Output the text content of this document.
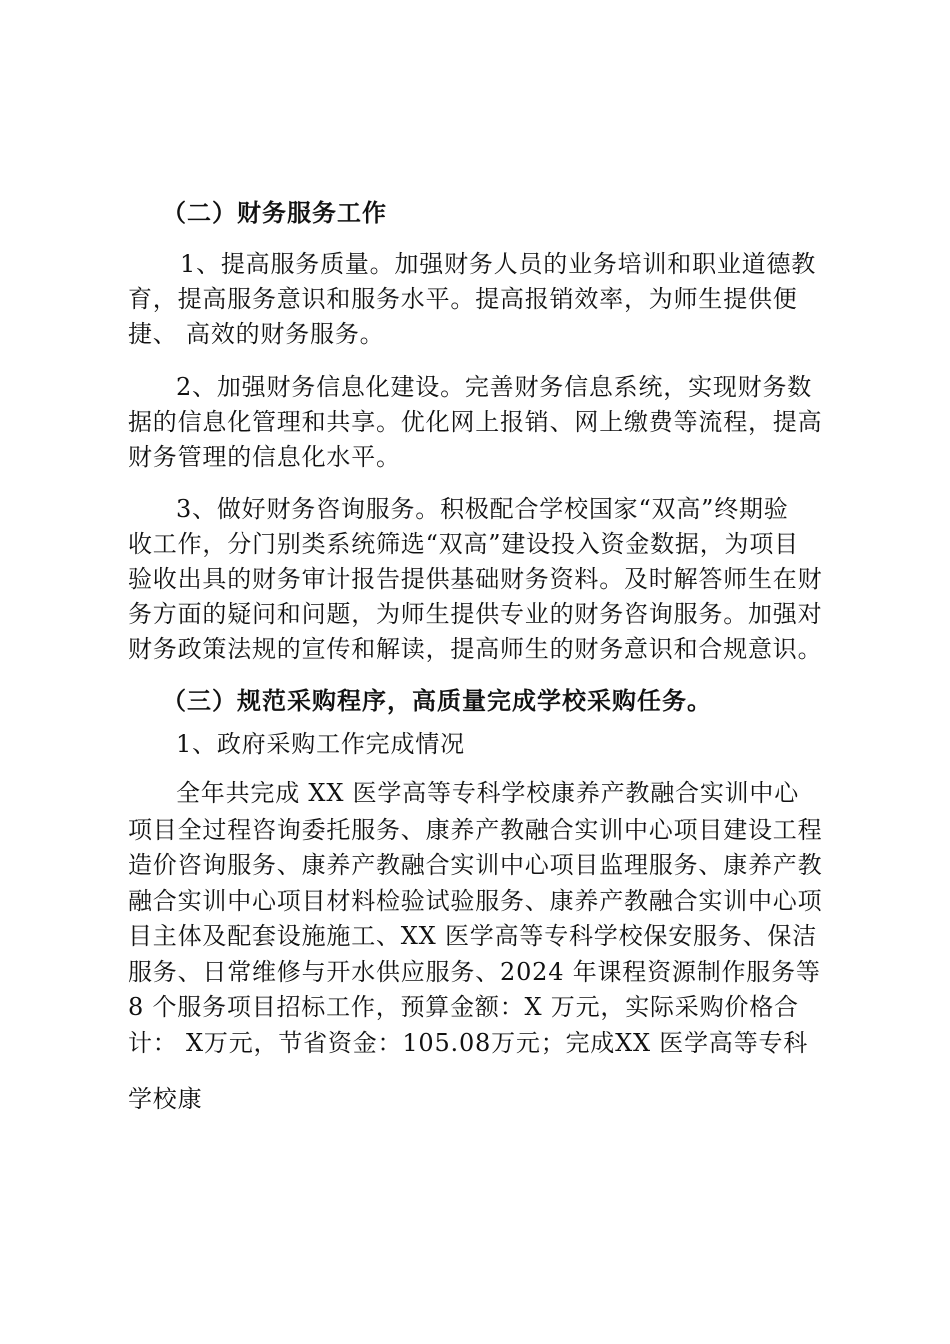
（二）财务服务工作
1、提高服务质量。加强财务人员的业务培训和职业道德教
育，提高服务意识和服务水平。提高报销效率，为师生提供便
捷、 高效的财务服务。
2、加强财务信息化建设。完善财务信息系统，实现财务数
据的信息化管理和共享。优化网上报销、网上缴费等流程，提高
财务管理的信息化水平。
3、做好财务咨询服务。积极配合学校国家“双高”终期验
收工作，分门别类系统筛选“双高”建设投入资金数据，为项目
验收出具的财务审计报告提供基础财务资料。及时解答师生在财
务方面的疑问和问题，为师生提供专业的财务咨询服务。加强对
财务政策法规的宣传和解读，提高师生的财务意识和合规意识。
（三）规范采购程序，高质量完成学校采购任务。
1、政府采购工作完成情况
全年共完成 XX 医学高等专科学校康养产教融合实训中心
项目全过程咨询委托服务、康养产教融合实训中心项目建设工程
造价咨询服务、康养产教融合实训中心项目监理服务、康养产教
融合实训中心项目材料检验试验服务、康养产教融合实训中心项
目主体及配套设施施工、XX 医学高等专科学校保安服务、保洁
服务、日常维修与开水供应服务、2024 年课程资源制作服务等
8 个服务项目招标工作，预算金额：X 万元，实际采购价格合
计： X万元，节省资金：105.08万元；完成XX 医学高等专科
学校康
